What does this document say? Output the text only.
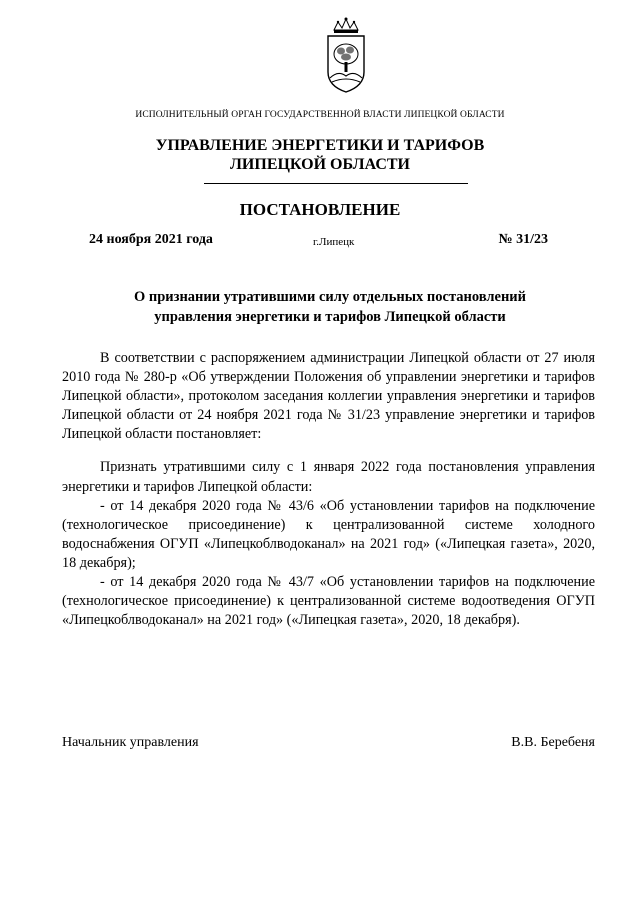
ИСПОЛНИТЕЛЬНЫЙ ОРГАН ГОСУДАРСТВЕННОЙ ВЛАСТИ ЛИПЕЦКОЙ ОБЛАСТИ
УПРАВЛЕНИЕ ЭНЕРГЕТИКИ И ТАРИФОВ
ЛИПЕЦКОЙ ОБЛАСТИ
ПОСТАНОВЛЕНИЕ
24 ноября 2021 года	г.Липецк	№ 31/23
О признании утратившими силу отдельных постановлений
управления энергетики и тарифов Липецкой области

В соответствии с распоряжением администрации Липецкой области от 27 июля 2010 года № 280-р «Об утверждении Положения об управлении энергетики и тарифов Липецкой области», протоколом заседания коллегии управления энергетики и тарифов Липецкой области от 24 ноября 2021 года № 31/23 управление энергетики и тарифов Липецкой области постановляет:

Признать утратившими силу с 1 января 2022 года постановления управления энергетики и тарифов Липецкой области:

- от 14 декабря 2020 года № 43/6 «Об установлении тарифов на подключение (технологическое присоединение) к централизованной системе холодного водоснабжения ОГУП «Липецкоблводоканал» на 2021 год» («Липецкая газета», 2020, 18 декабря);

- от 14 декабря 2020 года № 43/7 «Об установлении тарифов на подключение (технологическое присоединение) к централизованной системе водоотведения ОГУП «Липецкоблводоканал» на 2021 год» («Липецкая газета», 2020, 18 декабря).

Начальник управления	В.В. Беребеня
